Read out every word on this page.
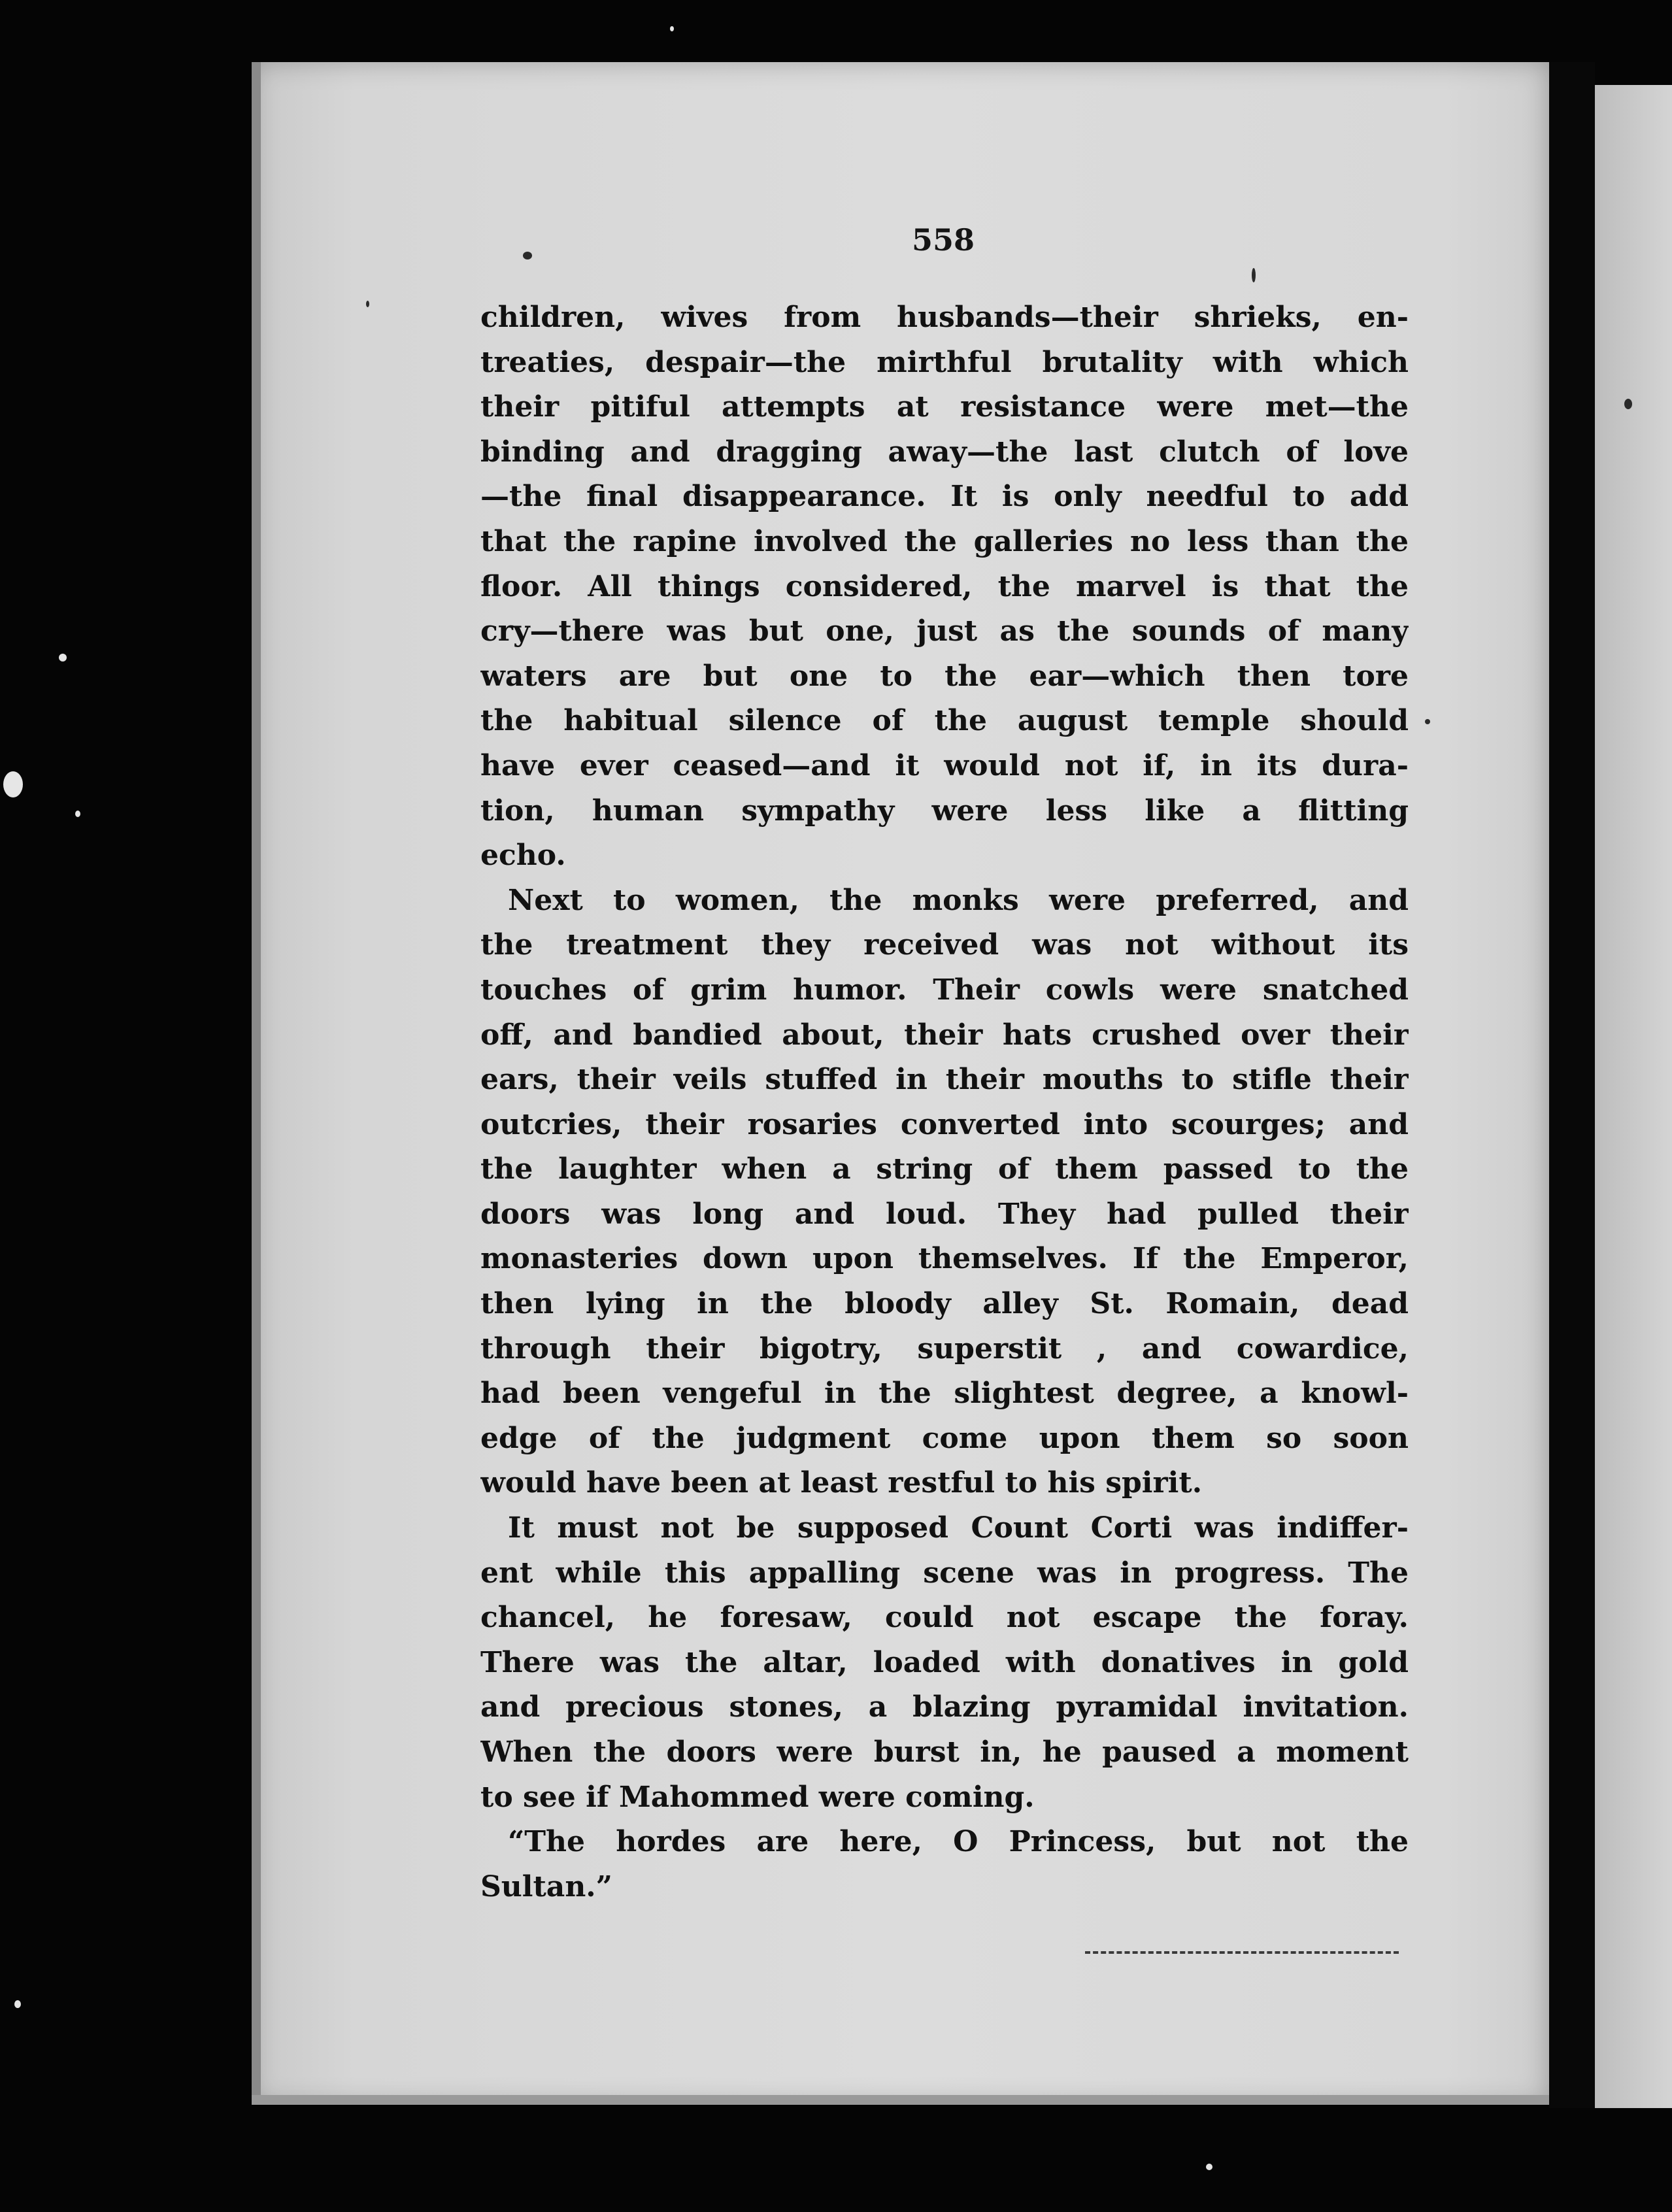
558
children, wives from husbands—their shrieks, en-
treaties, despair—the mirthful brutality with which
their pitiful attempts at resistance were met—the
binding and dragging away—the last clutch of love
—the final disappearance. It is only needful to add
that the rapine involved the galleries no less than the
floor. All things considered, the marvel is that the
cry—there was but one, just as the sounds of many
waters are but one to the ear—which then tore
the habitual silence of the august temple should
have ever ceased—and it would not if, in its dura-
tion, human sympathy were less like a flitting
echo.
Next to women, the monks were preferred, and
the treatment they received was not without its
touches of grim humor. Their cowls were snatched
off, and bandied about, their hats crushed over their
ears, their veils stuffed in their mouths to stifle their
outcries, their rosaries converted into scourges; and
the laughter when a string of them passed to the
doors was long and loud. They had pulled their
monasteries down upon themselves. If the Emperor,
then lying in the bloody alley St. Romain, dead
through their bigotry, superstit , and cowardice,
had been vengeful in the slightest degree, a knowl-
edge of the judgment come upon them so soon
would have been at least restful to his spirit.
It must not be supposed Count Corti was indiffer-
ent while this appalling scene was in progress. The
chancel, he foresaw, could not escape the foray.
There was the altar, loaded with donatives in gold
and precious stones, a blazing pyramidal invitation.
When the doors were burst in, he paused a moment
to see if Mahommed were coming.
“The hordes are here, O Princess, but not the
Sultan.”
